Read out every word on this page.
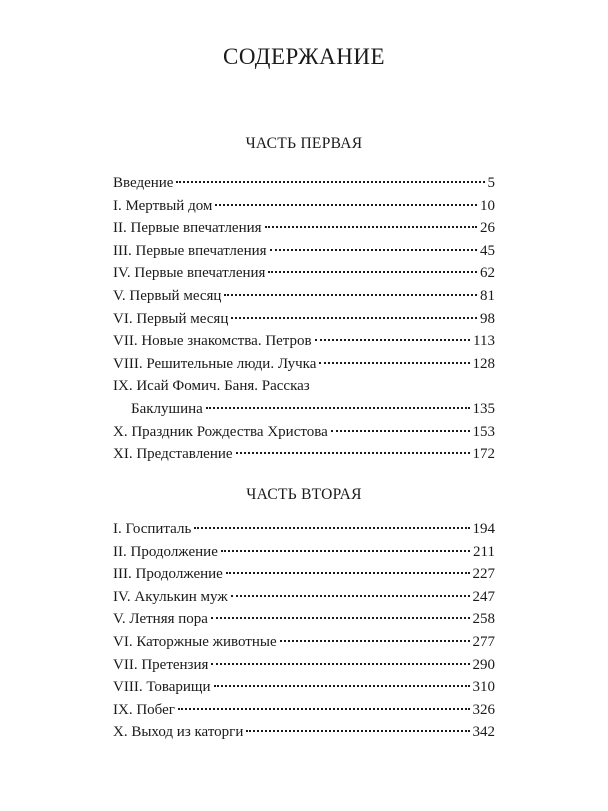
СОДЕРЖАНИЕ
ЧАСТЬ ПЕРВАЯ
Введение	5
I. Мертвый дом	10
II. Первые впечатления	26
III. Первые впечатления	45
IV. Первые впечатления	62
V. Первый месяц	81
VI. Первый месяц	98
VII. Новые знакомства. Петров	113
VIII. Решительные люди. Лучка	128
IX. Исай Фомич. Баня. Рассказ
Баклушина	135
X. Праздник Рождества Христова	153
XI. Представление	172
ЧАСТЬ ВТОРАЯ
I. Госпиталь	194
II. Продолжение	211
III. Продолжение	227
IV. Акулькин муж	247
V. Летняя пора	258
VI. Каторжные животные	277
VII. Претензия	290
VIII. Товарищи	310
IX. Побег	326
X. Выход из каторги	342
